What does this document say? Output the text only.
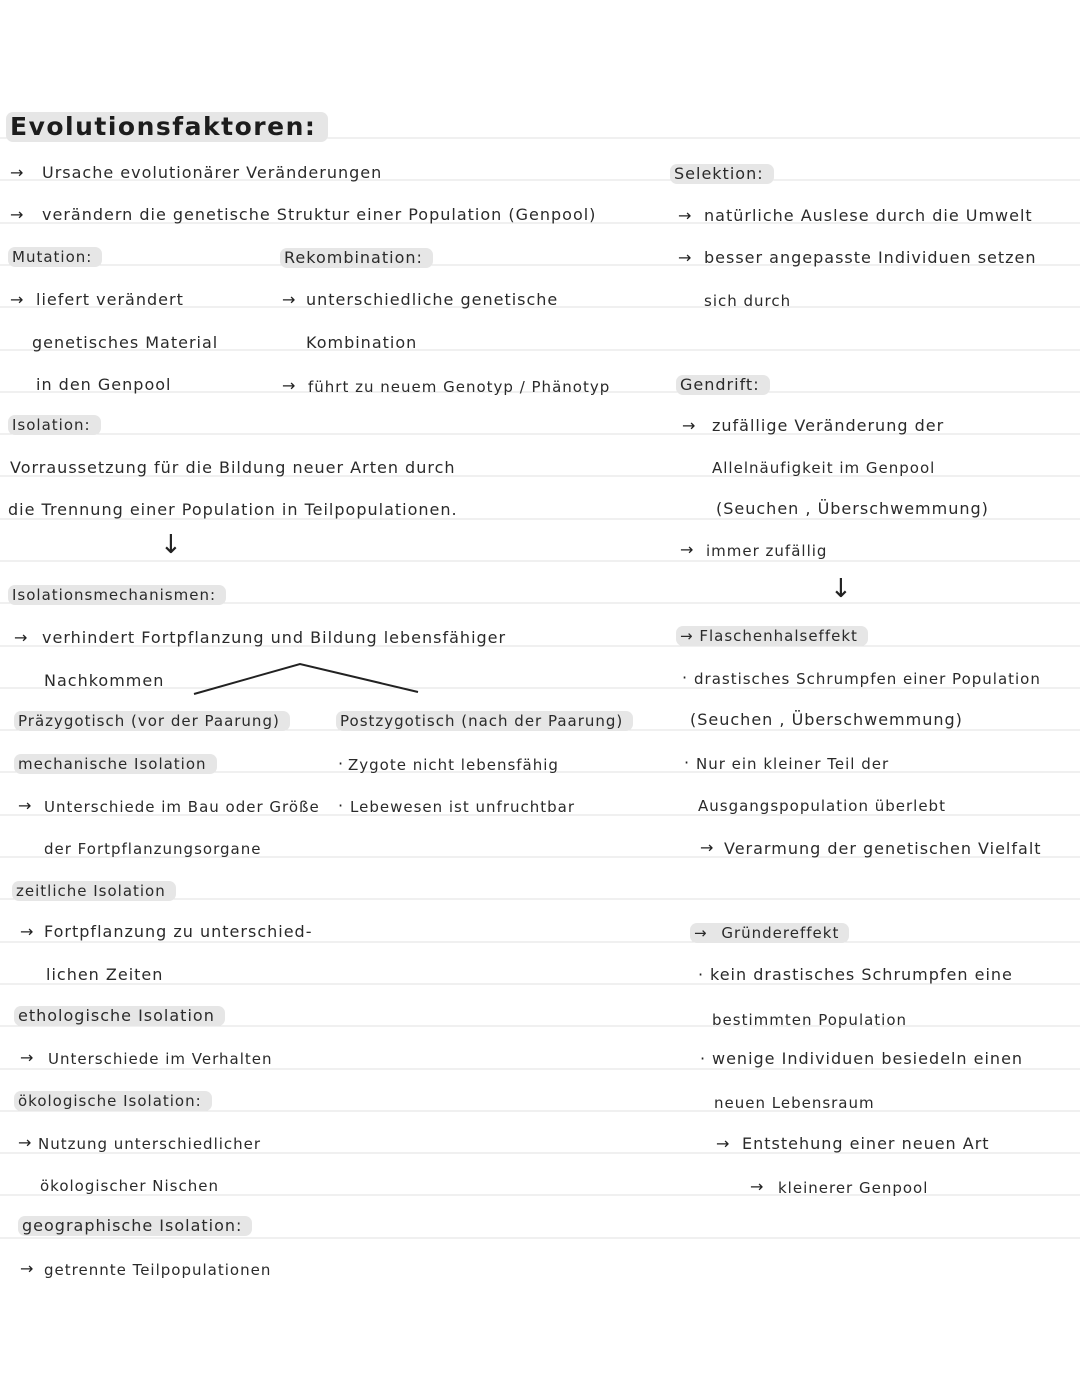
Evolutionsfaktoren:
→ Ursache evolutionärer Veränderungen
→ verändern die genetische Struktur einer Population (Genpool)
Mutation:
→ liefert verändert
genetisches Material
in den Genpool
Rekombination:
→ unterschiedliche genetische
Kombination
→ führt zu neuem Genotyp / Phänotyp
Isolation:
Vorraussetzung für die Bildung neuer Arten durch
die Trennung einer Population in Teilpopulationen.
↓
Isolationsmechanismen:
→ verhindert Fortpflanzung und Bildung lebensfähiger
Nachkommen
Präzygotisch (vor der Paarung)
mechanische Isolation
→ Unterschiede im Bau oder Größe
der Fortpflanzungsorgane
zeitliche Isolation
→ Fortpflanzung zu unterschied-
lichen Zeiten
ethologische Isolation
→ Unterschiede im Verhalten
ökologische Isolation:
→ Nutzung unterschiedlicher
ökologischer Nischen
geographische Isolation:
→ getrennte Teilpopulationen
Postzygotisch (nach der Paarung)
· Zygote nicht lebensfähig
· Lebewesen ist unfruchtbar
Selektion:
→ natürliche Auslese durch die Umwelt
→ besser angepasste Individuen setzen
sich durch
Gendrift:
→ zufällige Veränderung der
Allelnäufigkeit im Genpool
(Seuchen , Überschwemmung)
→ immer zufällig
↓
→ Flaschenhalseffekt
· drastisches Schrumpfen einer Population
(Seuchen , Überschwemmung)
· Nur ein kleiner Teil der
Ausgangspopulation überlebt
→ Verarmung der genetischen Vielfalt
→ Gründereffekt
· kein drastisches Schrumpfen eine
bestimmten Population
· wenige Individuen besiedeln einen
neuen Lebensraum
→ Entstehung einer neuen Art
→ kleinerer Genpool
